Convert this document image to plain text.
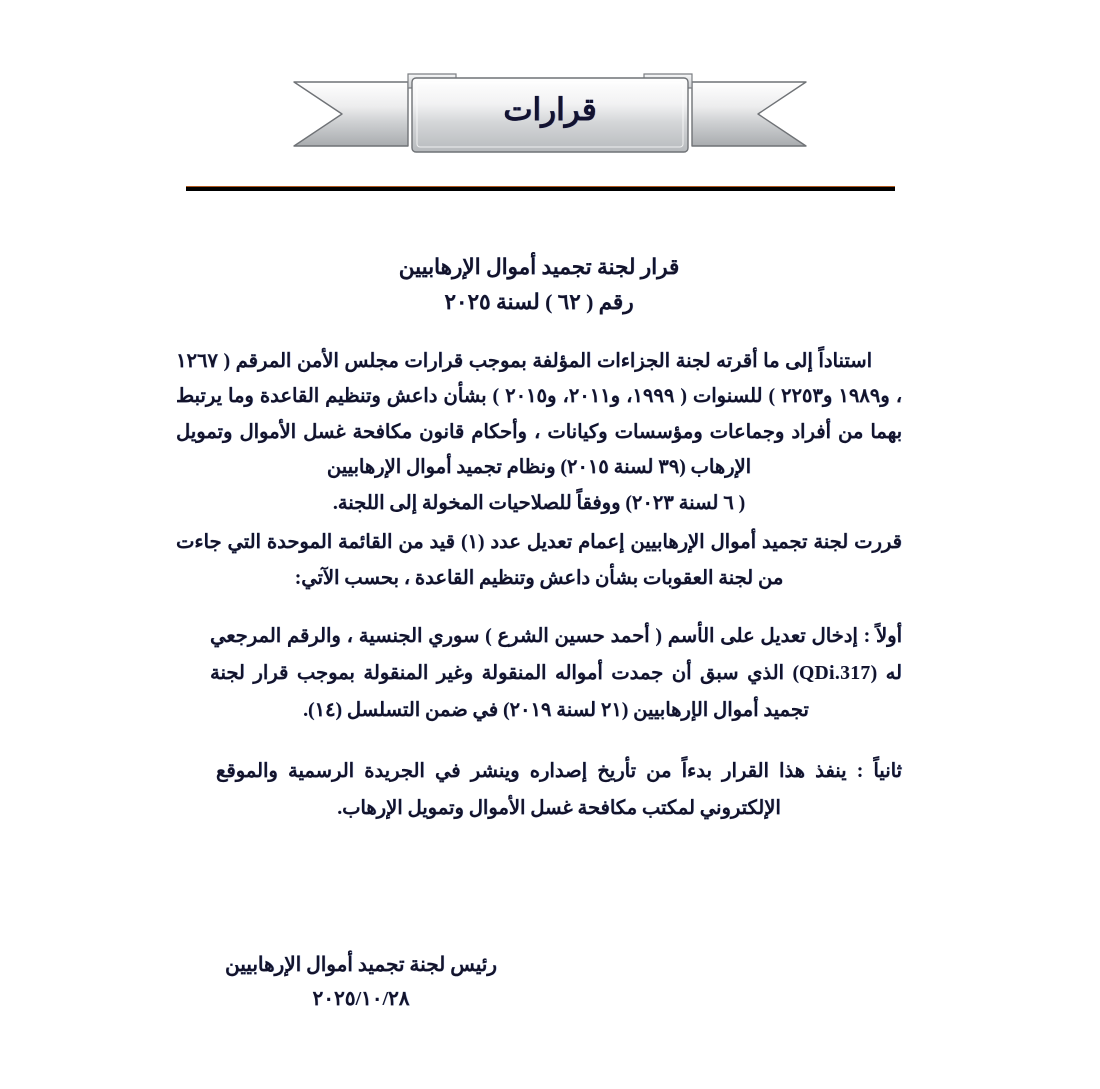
قرارات
قرار لجنة تجميد أموال الإرهابيين
رقم ( ٦٢ ) لسنة ٢٠٢٥

استناداً إلى ما أقرته لجنة الجزاءات المؤلفة بموجب قرارات مجلس الأمن المرقم ( ١٢٦٧ ، و١٩٨٩ و٢٢٥٣ ) للسنوات ( ١٩٩٩، و٢٠١١، و٢٠١٥ ) بشأن داعش وتنظيم القاعدة وما يرتبط بهما من أفراد وجماعات ومؤسسات وكيانات ، وأحكام قانون مكافحة غسل الأموال وتمويل الإرهاب (٣٩ لسنة ٢٠١٥) ونظام تجميد أموال الإرهابيين
( ٦ لسنة ٢٠٢٣) ووفقاً للصلاحيات المخولة إلى اللجنة.

قررت لجنة تجميد أموال الإرهابيين إعمام تعديل عدد (١) قيد من القائمة الموحدة التي جاءت من لجنة العقوبات بشأن داعش وتنظيم القاعدة ، بحسب الآتي:

أولاً : إدخال تعديل على الأسم ( أحمد حسين الشرع ) سوري الجنسية ، والرقم المرجعي له (QDi.317) الذي سبق أن جمدت أمواله المنقولة وغير المنقولة بموجب قرار لجنة تجميد أموال الإرهابيين (٢١ لسنة ٢٠١٩) في ضمن التسلسل (١٤).

ثانياً : ينفذ هذا القرار بدءاً من تأريخ إصداره وينشر في الجريدة الرسمية والموقع الإلكتروني لمكتب مكافحة غسل الأموال وتمويل الإرهاب.

رئيس لجنة تجميد أموال الإرهابيين
٢٠٢٥/١٠/٢٨
